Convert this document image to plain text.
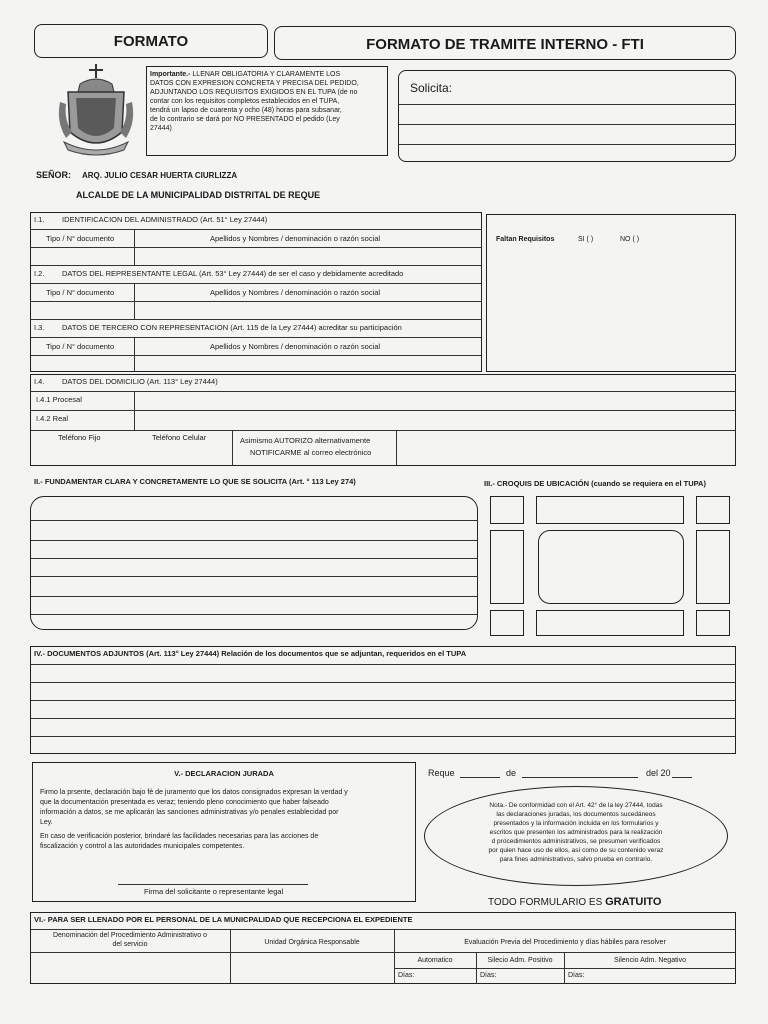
FORMATO	FORMATO DE TRAMITE INTERNO - FTI
Importante.- LLENAR OBLIGATORIA Y CLARAMENTE LOS
DATOS CON EXPRESION CONCRETA Y PRECISA DEL PEDIDO,
ADJUNTANDO LOS REQUISITOS EXIGIDOS EN EL TUPA (de no
contar con los requisitos completos establecidos en el TUPA,
tendrá un lapso de cuarenta y ocho (48) horas para subsanar,
de lo contrario se dará por NO PRESENTADO el pedido (Ley
27444)
Solicita:
SEÑOR: ARQ. JULIO CESAR HUERTA CIURLIZZA
ALCALDE DE LA MUNICIPALIDAD DISTRITAL DE REQUE
Faltan Requisitos	SI ( )	NO ( )
I.1. IDENTIFICACION DEL ADMINISTRADO (Art. 51° Ley 27444)
Tipo / N° documento	Apellidos y Nombres / denominación o razón social
I.2. DATOS DEL REPRESENTANTE LEGAL (Art. 53° Ley 27444) de ser el caso y debidamente acreditado
Tipo / N° documento	Apellidos y Nombres / denominación o razón social
I.3. DATOS DE TERCERO CON REPRESENTACION (Art. 115 de la Ley 27444) acreditar su participación
Tipo / N° documento	Apellidos y Nombres / denominación o razón social
I.4. DATOS DEL DOMICILIO (Art. 113° Ley 27444)
I.4.1 Procesal
I.4.2 Real
Teléfono Fijo	Teléfono Celular	Asimismo AUTORIZO alternativamente
NOTIFICARME al correo electrónico
II.- FUNDAMENTAR CLARA Y CONCRETAMENTE LO QUE SE SOLICITA (Art. ° 113 Ley 274)	III.- CROQUIS DE UBICACIÓN (cuando se requiera en el TUPA)
IV.- DOCUMENTOS ADJUNTOS (Art. 113° Ley 27444) Relación de los documentos que se adjuntan, requeridos en el TUPA
V.- DECLARACION JURADA
Firmo la prsente, declaración bajo fé de juramento que los datos consignados expresan la verdad y
que la documentación presentada es veraz; teniendo pleno conocimiento que haber falseado
información a datos, se me aplicarán las sanciones administrativas y/o penales establecidad por
Ley.
En caso de verificación posterior, brindaré las facilidades necesarias para las acciones de
fiscalización y control a las autoridades municipales competentes.
Firma del solicitante o representante legal
Reque	de	del 20
Nota.- De conformidad con el Art. 42° de la ley 27444, todas
las declaraciones juradas, los documentos sucedáneos
presentados y la información incluida en los formularios y
escritos que presenten los administrados para la realización
d procedimientos administrativos, se presumen verificados
por quien hace uso de ellos, así como de su contenido veraz
para fines administrativos, salvo prueba en contrario.
TODO FORMULARIO ES GRATUITO
VI.- PARA SER LLENADO POR EL PERSONAL DE LA MUNICPALIDAD QUE RECEPCIONA EL EXPEDIENTE
Denominación del Procedimiento Administrativo o
del servicio	Unidad Orgánica Responsable	Evaluación Previa del Procedimiento y días hábiles para resolver
Automatico	Silecio Adm. Positivo	Silencio Adm. Negativo
Días:	Días:	Días:
